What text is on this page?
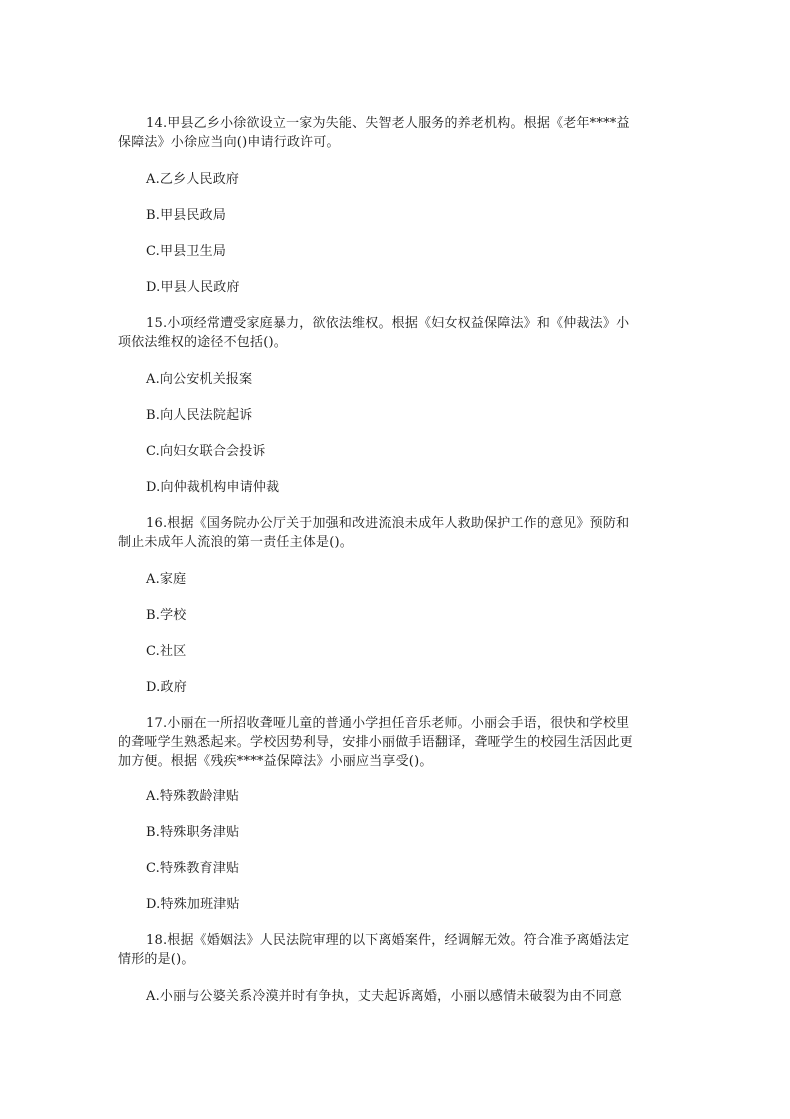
14.甲县乙乡小徐欲设立一家为失能、失智老人服务的养老机构。根据《老年****益
保障法》小徐应当向()申请行政许可。
A.乙乡人民政府
B.甲县民政局
C.甲县卫生局
D.甲县人民政府
15.小项经常遭受家庭暴力，欲依法维权。根据《妇女权益保障法》和《仲裁法》小
项依法维权的途径不包括()。
A.向公安机关报案
B.向人民法院起诉
C.向妇女联合会投诉
D.向仲裁机构申请仲裁
16.根据《国务院办公厅关于加强和改进流浪未成年人救助保护工作的意见》预防和
制止未成年人流浪的第一责任主体是()。
A.家庭
B.学校
C.社区
D.政府
17.小丽在一所招收聋哑儿童的普通小学担任音乐老师。小丽会手语，很快和学校里
的聋哑学生熟悉起来。学校因势利导，安排小丽做手语翻译，聋哑学生的校园生活因此更
加方便。根据《残疾****益保障法》小丽应当享受()。
A.特殊教龄津贴
B.特殊职务津贴
C.特殊教育津贴
D.特殊加班津贴
18.根据《婚姻法》人民法院审理的以下离婚案件，经调解无效。符合准予离婚法定
情形的是()。
A.小丽与公婆关系冷漠并时有争执，丈夫起诉离婚，小丽以感情未破裂为由不同意
